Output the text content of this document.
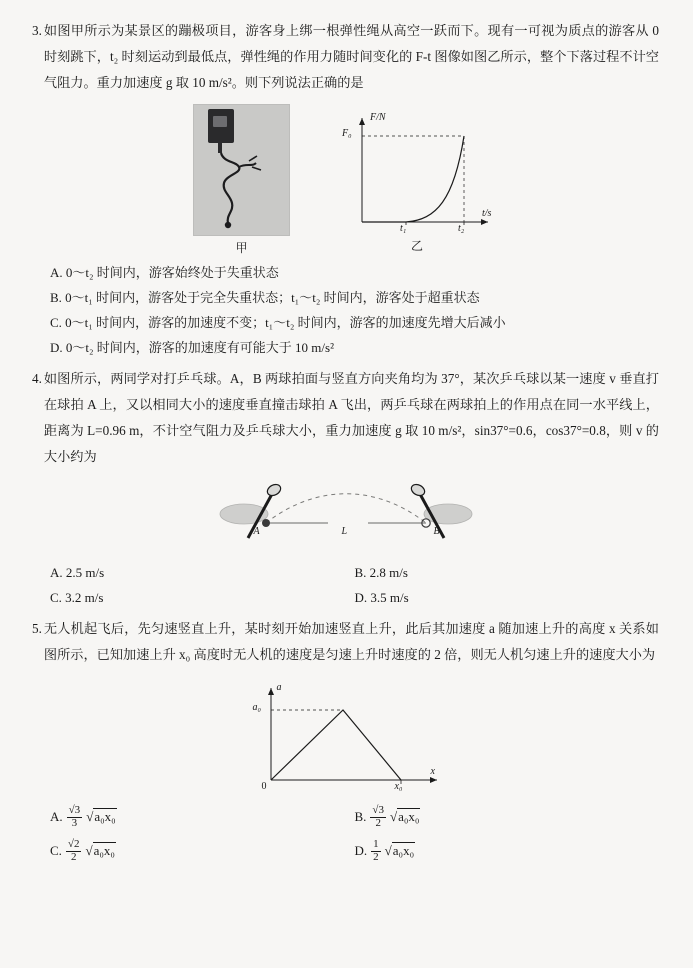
3. 如图甲所示为某景区的蹦极项目，游客身上绑一根弹性绳从高空一跃而下。现有一可视为质点的游客从 0 时刻跳下，t₂ 时刻运动到最低点，弹性绳的作用力随时间变化的 F-t 图像如图乙所示，整个下落过程不计空气阻力。重力加速度 g 取 10 m/s²。则下列说法正确的是
甲
F/N
F₀
t₁	t₂
t/s
乙
A. 0～t₂ 时间内，游客始终处于失重状态
B. 0～t₁ 时间内，游客处于完全失重状态；t₁～t₂ 时间内，游客处于超重状态
C. 0～t₁ 时间内，游客的加速度不变；t₁～t₂ 时间内，游客的加速度先增大后减小
D. 0～t₂ 时间内，游客的加速度有可能大于 10 m/s²
4. 如图所示，两同学对打乒乓球。A，B 两球拍面与竖直方向夹角均为 37°，某次乒乓球以某一速度 v 垂直打在球拍 A 上，又以相同大小的速度垂直撞击球拍 A 飞出，两乒乓球在两球拍上的作用点在同一水平线上，距离为 L=0.96 m，不计空气阻力及乒乓球大小，重力加速度 g 取 10 m/s²，sin37°=0.6，cos37°=0.8，则 v 的大小约为
A	B
L
A. 2.5 m/s	B. 2.8 m/s
C. 3.2 m/s	D. 3.5 m/s
5. 无人机起飞后，先匀速竖直上升，某时刻开始加速竖直上升，此后其加速度 a 随加速上升的高度 x 关系如图所示，已知加速上升 x₀ 高度时无人机的速度是匀速上升时速度的 2 倍，则无人机匀速上升的速度大小为
a
a₀
0	x₀
x
A. $\frac{√3}{3} √a_0x_0$	B. $\frac{√3}{2} √a_0x_0$
C. $\frac{√2}{2} √a_0x_0$	D. $\frac{1}{2} √a_0x_0$
